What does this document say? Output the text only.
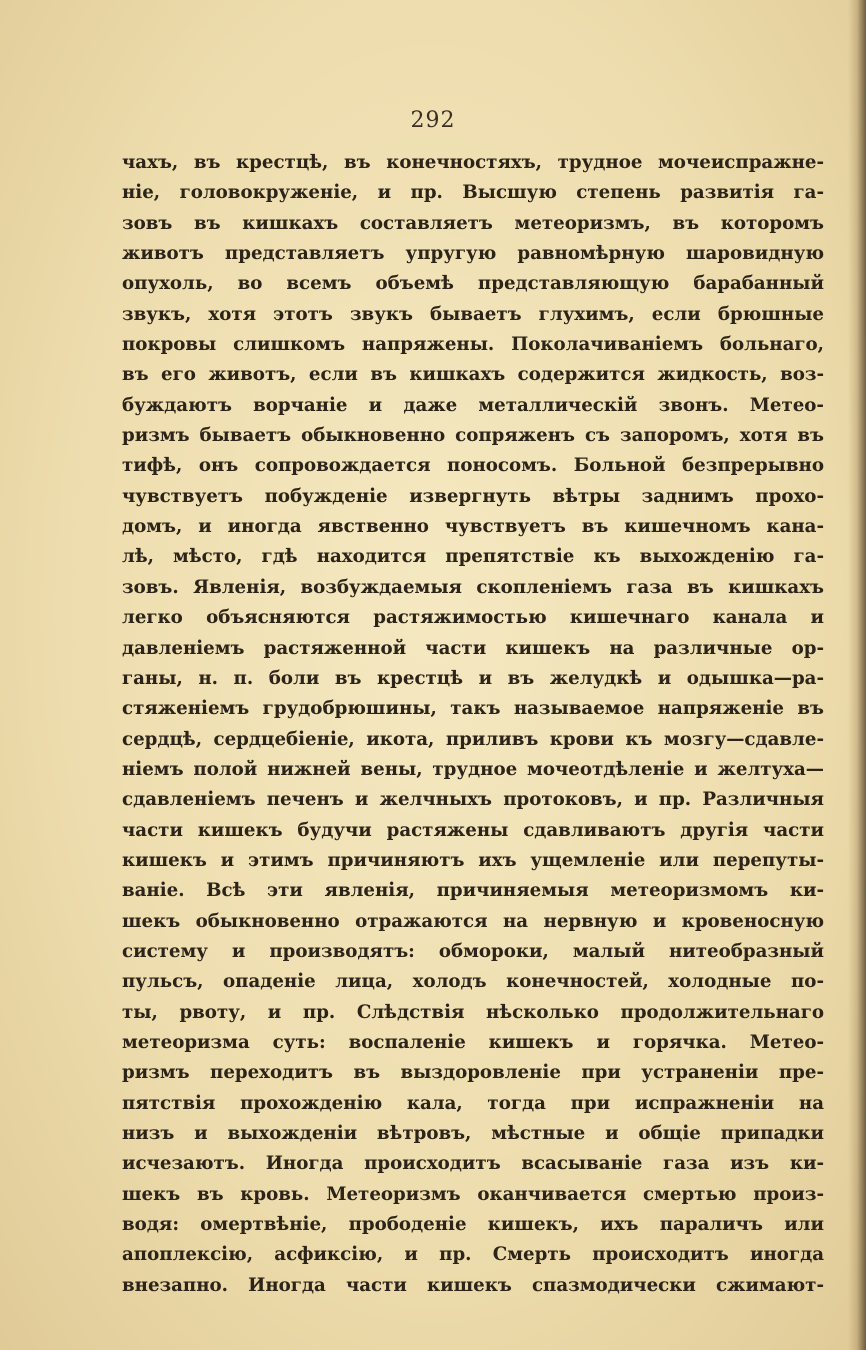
292
чахъ, въ крестцѣ, въ конечностяхъ, трудное мочеиспражне-
ніе, головокруженіе, и пр. Высшую степень развитія га-
зовъ въ кишкахъ составляетъ метеоризмъ, въ которомъ
животъ представляетъ упругую равномѣрную шаровидную
опухоль, во всемъ объемѣ представляющую барабанный
звукъ, хотя этотъ звукъ бываетъ глухимъ, если брюшные
покровы слишкомъ напряжены. Поколачиваніемъ больнаго,
въ его животъ, если въ кишкахъ содержится жидкость, воз-
буждаютъ ворчаніе и даже металлическій звонъ. Метео-
ризмъ бываетъ обыкновенно сопряженъ съ запоромъ, хотя въ
тифѣ, онъ сопровождается поносомъ. Больной безпрерывно
чувствуетъ побужденіе извергнуть вѣтры заднимъ прохо-
домъ, и иногда явственно чувствуетъ въ кишечномъ кана-
лѣ, мѣсто, гдѣ находится препятствіе къ выхожденію га-
зовъ. Явленія, возбуждаемыя скопленіемъ газа въ кишкахъ
легко объясняются растяжимостью кишечнаго канала и
давленіемъ растяженной части кишекъ на различные ор-
ганы, н. п. боли въ крестцѣ и въ желудкѣ и одышка—ра-
стяженіемъ грудобрюшины, такъ называемое напряженіе въ
сердцѣ, сердцебіеніе, икота, приливъ крови къ мозгу—сдавле-
ніемъ полой нижней вены, трудное мочеотдѣленіе и желтуха—
сдавленіемъ печенъ и желчныхъ протоковъ, и пр. Различныя
части кишекъ будучи растяжены сдавливаютъ другія части
кишекъ и этимъ причиняютъ ихъ ущемленіе или перепуты-
ваніе. Всѣ эти явленія, причиняемыя метеоризмомъ ки-
шекъ обыкновенно отражаются на нервную и кровеносную
систему и производятъ: обмороки, малый нитеобразный
пульсъ, опаденіе лица, холодъ конечностей, холодные по-
ты, рвоту, и пр. Слѣдствія нѣсколько продолжительнаго
метеоризма суть: воспаленіе кишекъ и горячка. Метео-
ризмъ переходитъ въ выздоровленіе при устраненіи пре-
пятствія прохожденію кала, тогда при испражненіи на
низъ и выхожденіи вѣтровъ, мѣстные и общіе припадки
исчезаютъ. Иногда происходитъ всасываніе газа изъ ки-
шекъ въ кровь. Метеоризмъ оканчивается смертью произ-
водя: омертвѣніе, прободеніе кишекъ, ихъ параличъ или
апоплексію, асфиксію, и пр. Смерть происходитъ иногда
внезапно. Иногда части кишекъ спазмодически сжимают-
